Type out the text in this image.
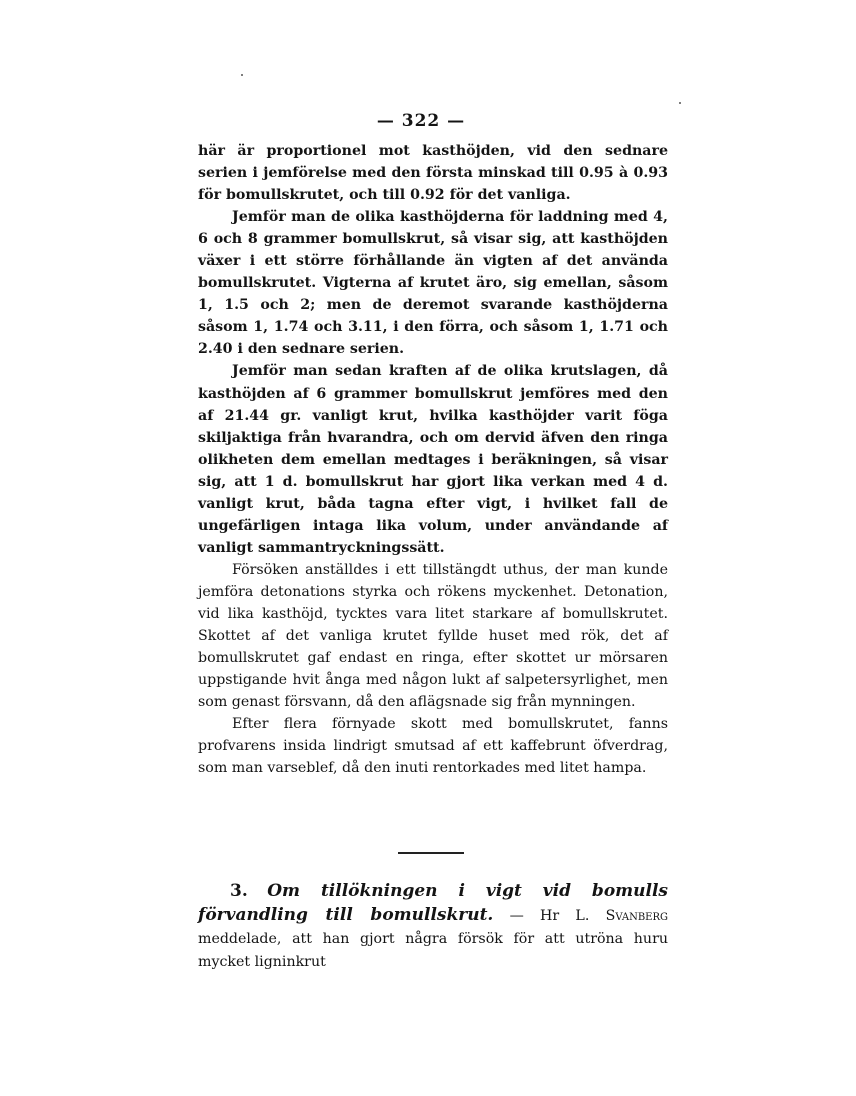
— 322 —

här är proportionel mot kasthöjden, vid den sednare serien i jemförelse med den första minskad till 0.95 à 0.93 för bomullskrutet, och till 0.92 för det vanliga.

Jemför man de olika kasthöjderna för laddning med 4, 6 och 8 grammer bomullskrut, så visar sig, att kasthöjden växer i ett större förhållande än vigten af det använda bomullskrutet. Vigterna af krutet äro, sig emellan, såsom 1, 1.5 och 2; men de deremot svarande kasthöjderna såsom 1, 1.74 och 3.11, i den förra, och såsom 1, 1.71 och 2.40 i den sednare serien.

Jemför man sedan kraften af de olika krutslagen, då kasthöjden af 6 grammer bomullskrut jemföres med den af 21.44 gr. vanligt krut, hvilka kasthöjder varit föga skiljaktiga från hvarandra, och om dervid äfven den ringa olikheten dem emellan medtages i beräkningen, så visar sig, att 1 d. bomullskrut har gjort lika verkan med 4 d. vanligt krut, båda tagna efter vigt, i hvilket fall de ungefärligen intaga lika volum, under användande af vanligt sammantryckningssätt.

Försöken anställdes i ett tillstängdt uthus, der man kunde jemföra detonations styrka och rökens myckenhet. Detonation, vid lika kasthöjd, tycktes vara litet starkare af bomullskrutet. Skottet af det vanliga krutet fyllde huset med rök, det af bomullskrutet gaf endast en ringa, efter skottet ur mörsaren uppstigande hvit ånga med någon lukt af salpetersyrlighet, men som genast försvann, då den aflägsnade sig från mynningen.

Efter flera förnyade skott med bomullskrutet, fanns profvarens insida lindrigt smutsad af ett kaffebrunt öfverdrag, som man varseblef, då den inuti rentorkades med litet hampa.

3. Om tillökningen i vigt vid bomulls förvandling till bomullskrut. — Hr L. Svanberg meddelade, att han gjort några försök för att utröna huru mycket ligninkrut
